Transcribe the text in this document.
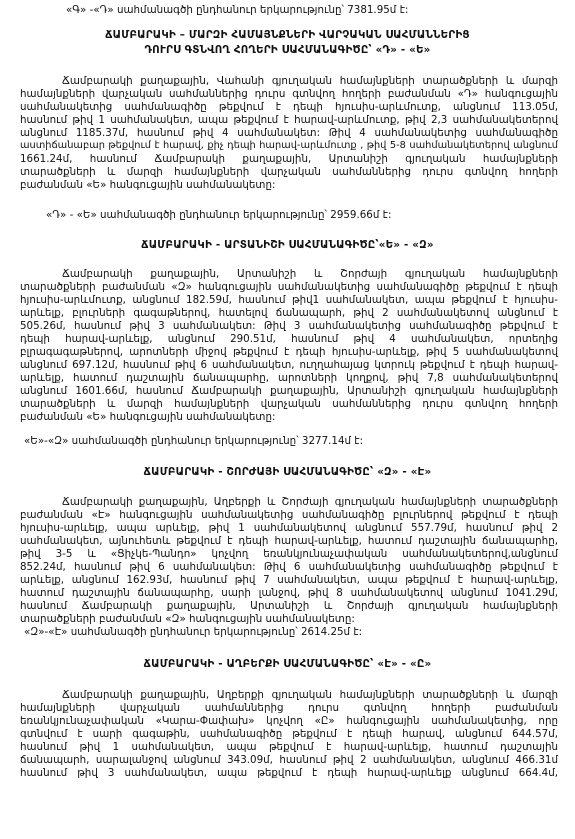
«Գ» -«Դ» սահմանագծի ընդհանուր երկարությունը՝ 7381.95մ է:
ՃԱՄԲԱՐԱԿԻ – ՄԱՐԶԻ ՀԱՄԱՅՆՔՆԵՐԻ ՎԱՐՉԱԿԱՆ ՍԱՀՄԱՆՆԵՐԻՑ
ԴՈՒՐՍ ԳՏՆՎՈՂ ՀՈՂԵՐԻ ՍԱՀՄԱՆԱԳԻԾԸ՝ «Դ» - «Ե»
Ճամբարակի քաղաքային, Վահանի գյուղական համայնքների տարածքների և մարզի
համայնքների վարչական սահմաններից դուրս գտնվող հողերի բաժանման «Դ» հանգուցային
սահմանակետից սահմանագիծը թեքվում է դեպի հյուսիս-արևմուտք, անցնում 113.05մ,
հասնում թիվ 1 սահմանակետ, ապա թեքվում է հարավ-արևմուտք, թիվ 2,3 սահմանակետերով
անցնում 1185.37մ, հասնում թիվ 4 սահմանակետ: Թիվ 4 սահմանակետից սահմանագիծը
աստիճանաբար թեքվում է հարավ, քիչ դեպի հարավ-արևմուտք , թիվ 5-8 սահմանակետերով անցնում
1661.24մ, հասնում Ճամբարակի քաղաքային, Արտանիշի գյուղական համայնքների
տարածքների և մարզի համայնքների վարչական սահմաններից դուրս գտնվող հողերի
բաժանման «Ե» հանգուցային սահմանակետը:
«Դ» - «Ե» սահմանագծի ընդհանուր երկարությունը՝ 2959.66մ է:
ՃԱՄԲԱՐԱԿԻ - ԱՐՏԱՆԻՇԻ ՍԱՀՄԱՆԱԳԻԾԸ՝«Ե» - «Զ»
Ճամբարակի քաղաքային, Արտանիշի և Շորժայի գյուղական համայնքների
տարածքների բաժանման «Զ» հանգուցային սահմանակետից սահմանագիծը թեքվում է դեպի
հյուսիս-արևմուտք, անցնում 182.59մ, հասնում թիվ1 սահմանակետ, ապա թեքվում է հյուսիս-
արևելք, բլուրների գագաթներով, հատելով ճանապարհ, թիվ 2 սահմանակետով անցնում է
505.26մ, հասնում թիվ 3 սահմանակետ: Թիվ 3 սահմանակետից սահմանագիծը թեքվում է
դեպի հարավ-արևելք, անցնում 290.51մ, հասնում թիվ 4 սահմանակետ, որտեղից
բլրագագաթներով, արոտների միջով թեքվում է դեպի հյուսիս-արևելք, թիվ 5 սահմանակետով
անցնում 697.12մ, հասնում թիվ 6 սահմանակետ, ուղղահայաց կտրուկ թեքվում է դեպի հարավ-
արևելք, հատում դաշտային ճանապարհը, արոտների կողքով, թիվ 7,8 սահմանակետերով
անցնում 1601.66մ, հասնում Ճամբարակի քաղաքային, Արտանիշի գյուղական համայնքների
տարածքների և մարզի համայնքների վարչական սահմաններից դուրս գտնվող հողերի
բաժանման «Ե» հանգուցային սահմանակետը:
«Ե»-«Զ» սահմանագծի ընդհանուր երկարությունը՝ 3277.14մ է:
ՃԱՄԲԱՐԱԿԻ - ՇՈՐԺԱՅԻ ՍԱՀՄԱՆԱԳԻԾԸ՝ «Զ» - «Է»
Ճամբարակի քաղաքային, Աղբերքի և Շորժայի գյուղական համայնքների տարածքների
բաժանման «Է» հանգուցային սահմանակետից սահմանագիծը բլուրներով թեքվում է դեպի
հյուսիս-արևելք, ապա արևելք, թիվ 1 սահմանակետով անցնում 557.79մ, հասնում թիվ 2
սահմանակետ, այնուհետև թեքվում է դեպի հարավ-արևելք, հատում դաշտային ճանապարհը,
թիվ 3-5 և «Ցիչկե-Պանդո» կոչվող եռանկյունաչափական սահմանակետերով,անցնում
852.24մ, հասնում թիվ 6 սահմանակետ: Թիվ 6 սահմանակետից սահմանագիծը թեքվում է
արևելք, անցնում 162.93մ, հասնում թիվ 7 սահմանակետ, ապա թեքվում է հարավ-արևելք,
հատում դաշտային ճանապարհը, սարի լանջով, թիվ 8 սահմանակետով անցնում 1041.29մ,
հասնում Ճամբարակի քաղաքային, Արտանիշի և Շորժայի գյուղական համայնքների
տարածքների բաժանման «Զ» հանգուցային սահմանակետը:
«Զ»-«Է» սահմանագծի ընդհանուր երկարությունը՝ 2614.25մ է:
ՃԱՄԲԱՐԱԿԻ - ԱՂԲԵՐՔԻ ՍԱՀՄԱՆԱԳԻԾԸ՝ «Է» - «Ը»
Ճամբարակի քաղաքային, Աղբերքի գյուղական համայնքների տարածքների և մարզի
համայնքների վարչական սահմաններից դուրս գտնվող հողերի բաժանման
եռանկյունաչափական «Կարա-Փափախ» կոչվող «Ը» հանգուցային սահմանակետից, որը
գտնվում է սարի գագաթին, սահմանագիծը թեքվում է դեպի հարավ, անցնում 644.57մ,
հասնում թիվ 1 սահմանակետ, ապա թեքվում է հարավ-արևելք, հատում դաշտային
ճանապարհ, սարալանջով անցնում 343.09մ, հասնում թիվ 2 սահմանակետ, անցնում 466.31մ
հասնում թիվ 3 սահմանակետ, ապա թեքվում է դեպի հարավ-արևելք անցնում 664.4մ,
